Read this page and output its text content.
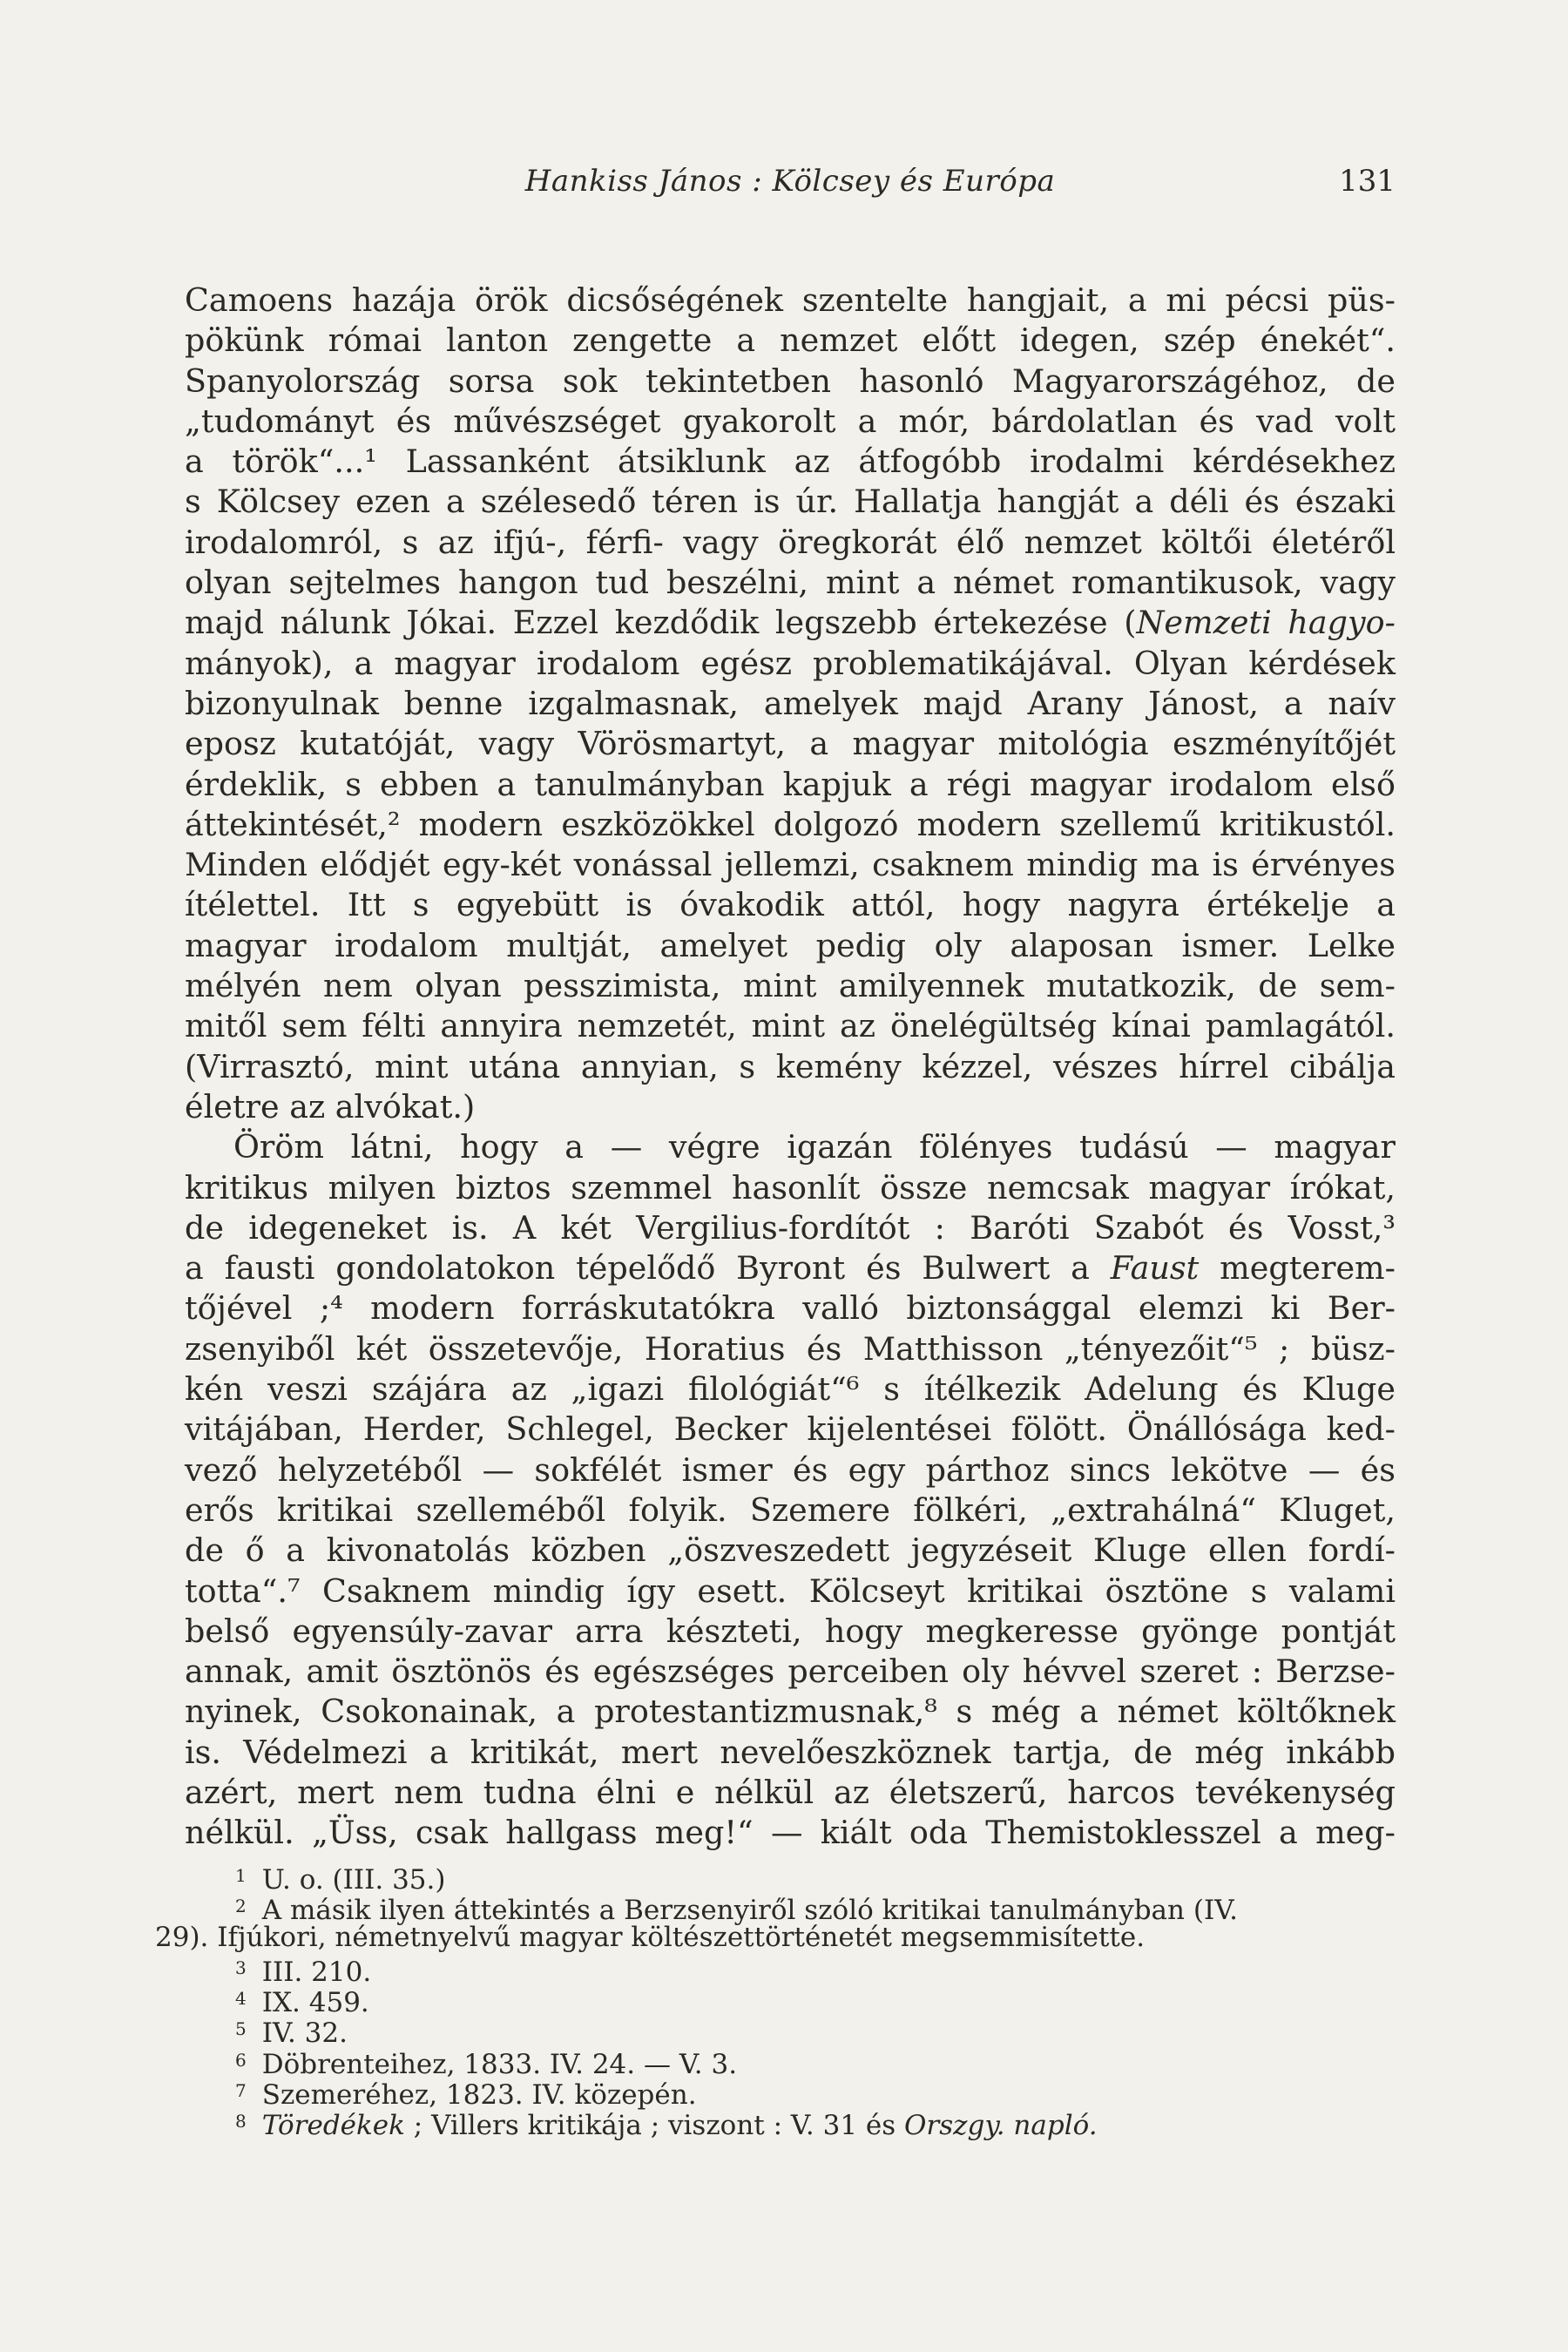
Hankiss János : Kölcsey és Európa	131
Camoens hazája örök dicsőségének szentelte hangjait, a mi pécsi püs-
pökünk római lanton zengette a nemzet előtt idegen, szép énekét“.
Spanyolország sorsa sok tekintetben hasonló Magyarországéhoz, de
„tudományt és művészséget gyakorolt a mór, bárdolatlan és vad volt
a török“...¹ Lassanként átsiklunk az átfogóbb irodalmi kérdésekhez
s Kölcsey ezen a szélesedő téren is úr. Hallatja hangját a déli és északi
irodalomról, s az ifjú-, férfi- vagy öregkorát élő nemzet költői életéről
olyan sejtelmes hangon tud beszélni, mint a német romantikusok, vagy
majd nálunk Jókai. Ezzel kezdődik legszebb értekezése (Nemzeti hagyo-
mányok), a magyar irodalom egész problematikájával. Olyan kérdések
bizonyulnak benne izgalmasnak, amelyek majd Arany Jánost, a naív
eposz kutatóját, vagy Vörösmartyt, a magyar mitológia eszményítőjét
érdeklik, s ebben a tanulmányban kapjuk a régi magyar irodalom első
áttekintését,² modern eszközökkel dolgozó modern szellemű kritikustól.
Minden elődjét egy-két vonással jellemzi, csaknem mindig ma is érvényes
ítélettel. Itt s egyebütt is óvakodik attól, hogy nagyra értékelje a
magyar irodalom multját, amelyet pedig oly alaposan ismer. Lelke
mélyén nem olyan pesszimista, mint amilyennek mutatkozik, de sem-
mitől sem félti annyira nemzetét, mint az önelégültség kínai pamlagától.
(Virrasztó, mint utána annyian, s kemény kézzel, vészes hírrel cibálja
életre az alvókat.)
Öröm látni, hogy a — végre igazán fölényes tudású — magyar
kritikus milyen biztos szemmel hasonlít össze nemcsak magyar írókat,
de idegeneket is. A két Vergilius-fordítót : Baróti Szabót és Vosst,³
a fausti gondolatokon tépelődő Byront és Bulwert a Faust megterem-
tőjével ;⁴ modern forráskutatókra valló biztonsággal elemzi ki Ber-
zsenyiből két összetevője, Horatius és Matthisson „tényezőit“⁵ ; büsz-
kén veszi szájára az „igazi filológiát“⁶ s ítélkezik Adelung és Kluge
vitájában, Herder, Schlegel, Becker kijelentései fölött. Önállósága ked-
vező helyzetéből — sokfélét ismer és egy párthoz sincs lekötve — és
erős kritikai szelleméből folyik. Szemere fölkéri, „extrahálná“ Kluget,
de ő a kivonatolás közben „öszveszedett jegyzéseit Kluge ellen fordí-
totta“.⁷ Csaknem mindig így esett. Kölcseyt kritikai ösztöne s valami
belső egyensúly-zavar arra készteti, hogy megkeresse gyönge pontját
annak, amit ösztönös és egészséges perceiben oly hévvel szeret : Berzse-
nyinek, Csokonainak, a protestantizmusnak,⁸ s még a német költőknek
is. Védelmezi a kritikát, mert nevelőeszköznek tartja, de még inkább
azért, mert nem tudna élni e nélkül az életszerű, harcos tevékenység
nélkül. „Üss, csak hallgass meg!“ — kiált oda Themistoklesszel a meg-
$^1$ U. o. (III. 35.)
$^2$ A másik ilyen áttekintés a Berzsenyiről szóló kritikai tanulmányban (IV.
29). Ifjúkori, németnyelvű magyar költészettörténetét megsemmisítette.
$^3$ III. 210.
$^4$ IX. 459.
$^5$ IV. 32.
$^6$ Döbrenteihez, 1833. IV. 24. — V. 3.
$^7$ Szemeréhez, 1823. IV. közepén.
$^8$ Töredékek ; Villers kritikája ; viszont : V. 31 és Orszgy. napló.
